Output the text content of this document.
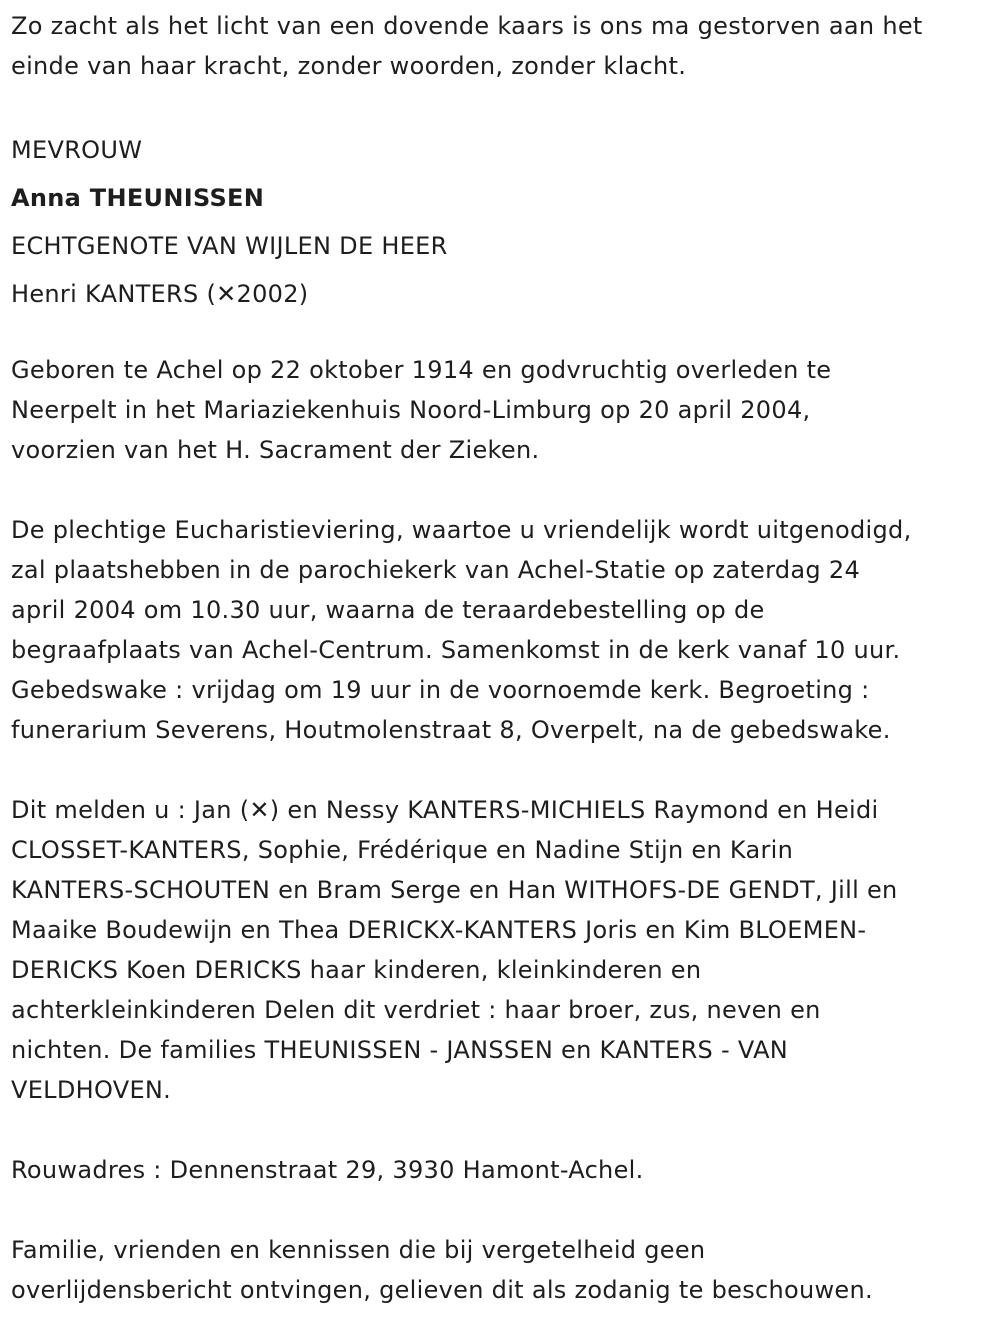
Zo zacht als het licht van een dovende kaars is ons ma gestorven aan het

einde van haar kracht, zonder woorden, zonder klacht.

MEVROUW

Anna THEUNISSEN

ECHTGENOTE VAN WIJLEN DE HEER

Henri KANTERS (✕2002)

Geboren te Achel op 22 oktober 1914 en godvruchtig overleden te

Neerpelt in het Mariaziekenhuis Noord-Limburg op 20 april 2004,

voorzien van het H. Sacrament der Zieken.

De plechtige Eucharistieviering, waartoe u vriendelijk wordt uitgenodigd,

zal plaatshebben in de parochiekerk van Achel-Statie op zaterdag 24

april 2004 om 10.30 uur, waarna de teraardebestelling op de

begraafplaats van Achel-Centrum. Samenkomst in de kerk vanaf 10 uur.

Gebedswake : vrijdag om 19 uur in de voornoemde kerk. Begroeting :

funerarium Severens, Houtmolenstraat 8, Overpelt, na de gebedswake.

Dit melden u : Jan (✕) en Nessy KANTERS-MICHIELS Raymond en Heidi

CLOSSET-KANTERS, Sophie, Frédérique en Nadine Stijn en Karin

KANTERS-SCHOUTEN en Bram Serge en Han WITHOFS-DE GENDT, Jill en

Maaike Boudewijn en Thea DERICKX-KANTERS Joris en Kim BLOEMEN-

DERICKS Koen DERICKS haar kinderen, kleinkinderen en

achterkleinkinderen Delen dit verdriet : haar broer, zus, neven en

nichten. De families THEUNISSEN - JANSSEN en KANTERS - VAN

VELDHOVEN.

Rouwadres : Dennenstraat 29, 3930 Hamont-Achel.

Familie, vrienden en kennissen die bij vergetelheid geen

overlijdensbericht ontvingen, gelieven dit als zodanig te beschouwen.
